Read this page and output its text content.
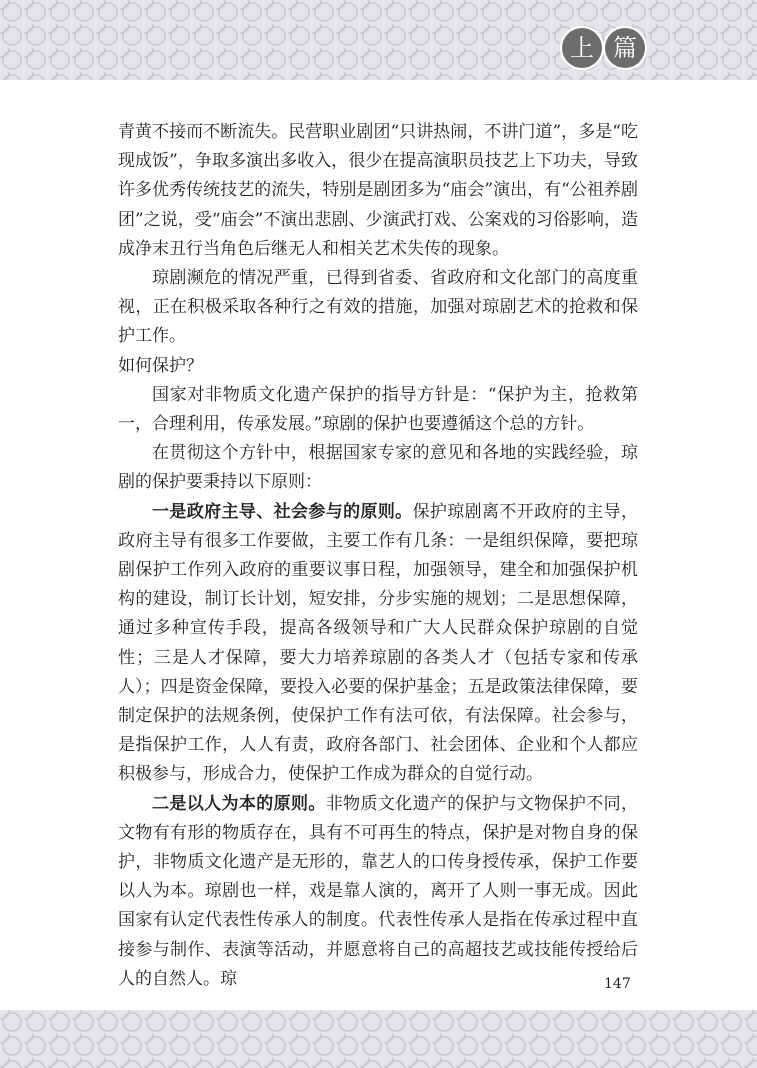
上 篇

青黄不接而不断流失。民营职业剧团“只讲热闹，不讲门道”，多是“吃现成饭”，争取多演出多收入，很少在提高演职员技艺上下功夫，导致许多优秀传统技艺的流失，特别是剧团多为“庙会”演出，有“公祖养剧团”之说，受“庙会”不演出悲剧、少演武打戏、公案戏的习俗影响，造成净末丑行当角色后继无人和相关艺术失传的现象。

琼剧濒危的情况严重，已得到省委、省政府和文化部门的高度重视，正在积极采取各种行之有效的措施，加强对琼剧艺术的抢救和保护工作。

如何保护？

国家对非物质文化遗产保护的指导方针是：“保护为主，抢救第一，合理利用，传承发展。”琼剧的保护也要遵循这个总的方针。

在贯彻这个方针中，根据国家专家的意见和各地的实践经验，琼剧的保护要秉持以下原则：

一是政府主导、社会参与的原则。保护琼剧离不开政府的主导，政府主导有很多工作要做，主要工作有几条：一是组织保障，要把琼剧保护工作列入政府的重要议事日程，加强领导，建全和加强保护机构的建设，制订长计划，短安排，分步实施的规划；二是思想保障，通过多种宣传手段，提高各级领导和广大人民群众保护琼剧的自觉性；三是人才保障，要大力培养琼剧的各类人才（包括专家和传承人）；四是资金保障，要投入必要的保护基金；五是政策法律保障，要制定保护的法规条例，使保护工作有法可依，有法保障。社会参与，是指保护工作，人人有责，政府各部门、社会团体、企业和个人都应积极参与，形成合力，使保护工作成为群众的自觉行动。

二是以人为本的原则。非物质文化遗产的保护与文物保护不同，文物有有形的物质存在，具有不可再生的特点，保护是对物自身的保护，非物质文化遗产是无形的，靠艺人的口传身授传承，保护工作要以人为本。琼剧也一样，戏是靠人演的，离开了人则一事无成。因此国家有认定代表性传承人的制度。代表性传承人是指在传承过程中直接参与制作、表演等活动，并愿意将自己的高超技艺或技能传授给后人的自然人。琼	147
